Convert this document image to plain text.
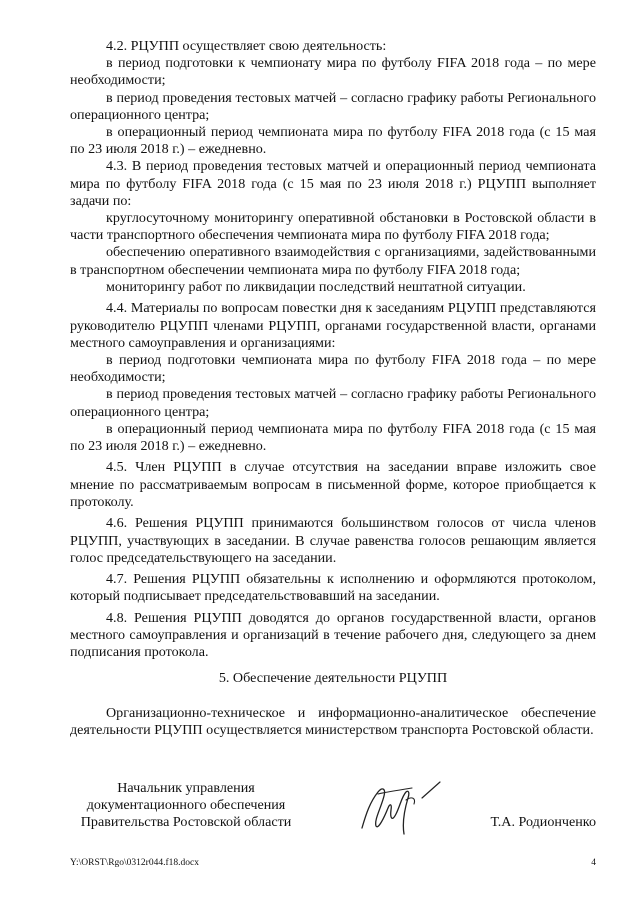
4.2. РЦУПП осуществляет свою деятельность:

в период подготовки к чемпионату мира по футболу FIFA 2018 года – по мере необходимости;

в период проведения тестовых матчей – согласно графику работы Регионального операционного центра;

в операционный период чемпионата мира по футболу FIFA 2018 года (с 15 мая по 23 июля 2018 г.) – ежедневно.

4.3. В период проведения тестовых матчей и операционный период чемпионата мира по футболу FIFA 2018 года (с 15 мая по 23 июля 2018 г.) РЦУПП выполняет задачи по:

круглосуточному мониторингу оперативной обстановки в Ростовской области в части транспортного обеспечения чемпионата мира по футболу FIFA 2018 года;

обеспечению оперативного взаимодействия с организациями, задействованными в транспортном обеспечении чемпионата мира по футболу FIFA 2018 года;

мониторингу работ по ликвидации последствий нештатной ситуации.

4.4. Материалы по вопросам повестки дня к заседаниям РЦУПП представляются руководителю РЦУПП членами РЦУПП, органами государственной власти, органами местного самоуправления и организациями:

в период подготовки чемпионата мира по футболу FIFA 2018 года – по мере необходимости;

в период проведения тестовых матчей – согласно графику работы Регионального операционного центра;

в операционный период чемпионата мира по футболу FIFA 2018 года (с 15 мая по 23 июля 2018 г.) – ежедневно.

4.5. Член РЦУПП в случае отсутствия на заседании вправе изложить свое мнение по рассматриваемым вопросам в письменной форме, которое приобщается к протоколу.

4.6. Решения РЦУПП принимаются большинством голосов от числа членов РЦУПП, участвующих в заседании. В случае равенства голосов решающим является голос председательствующего на заседании.

4.7. Решения РЦУПП обязательны к исполнению и оформляются протоколом, который подписывает председательствовавший на заседании.

4.8. Решения РЦУПП доводятся до органов государственной власти, органов местного самоуправления и организаций в течение рабочего дня, следующего за днем подписания протокола.

5. Обеспечение деятельности РЦУПП

Организационно-техническое и информационно-аналитическое обеспечение деятельности РЦУПП осуществляется министерством транспорта Ростовской области.

Начальник управления
документационного обеспечения
Правительства Ростовской области	Т.А. Родионченко
Y:\ORST\Rgo\0312r044.f18.docx	4
